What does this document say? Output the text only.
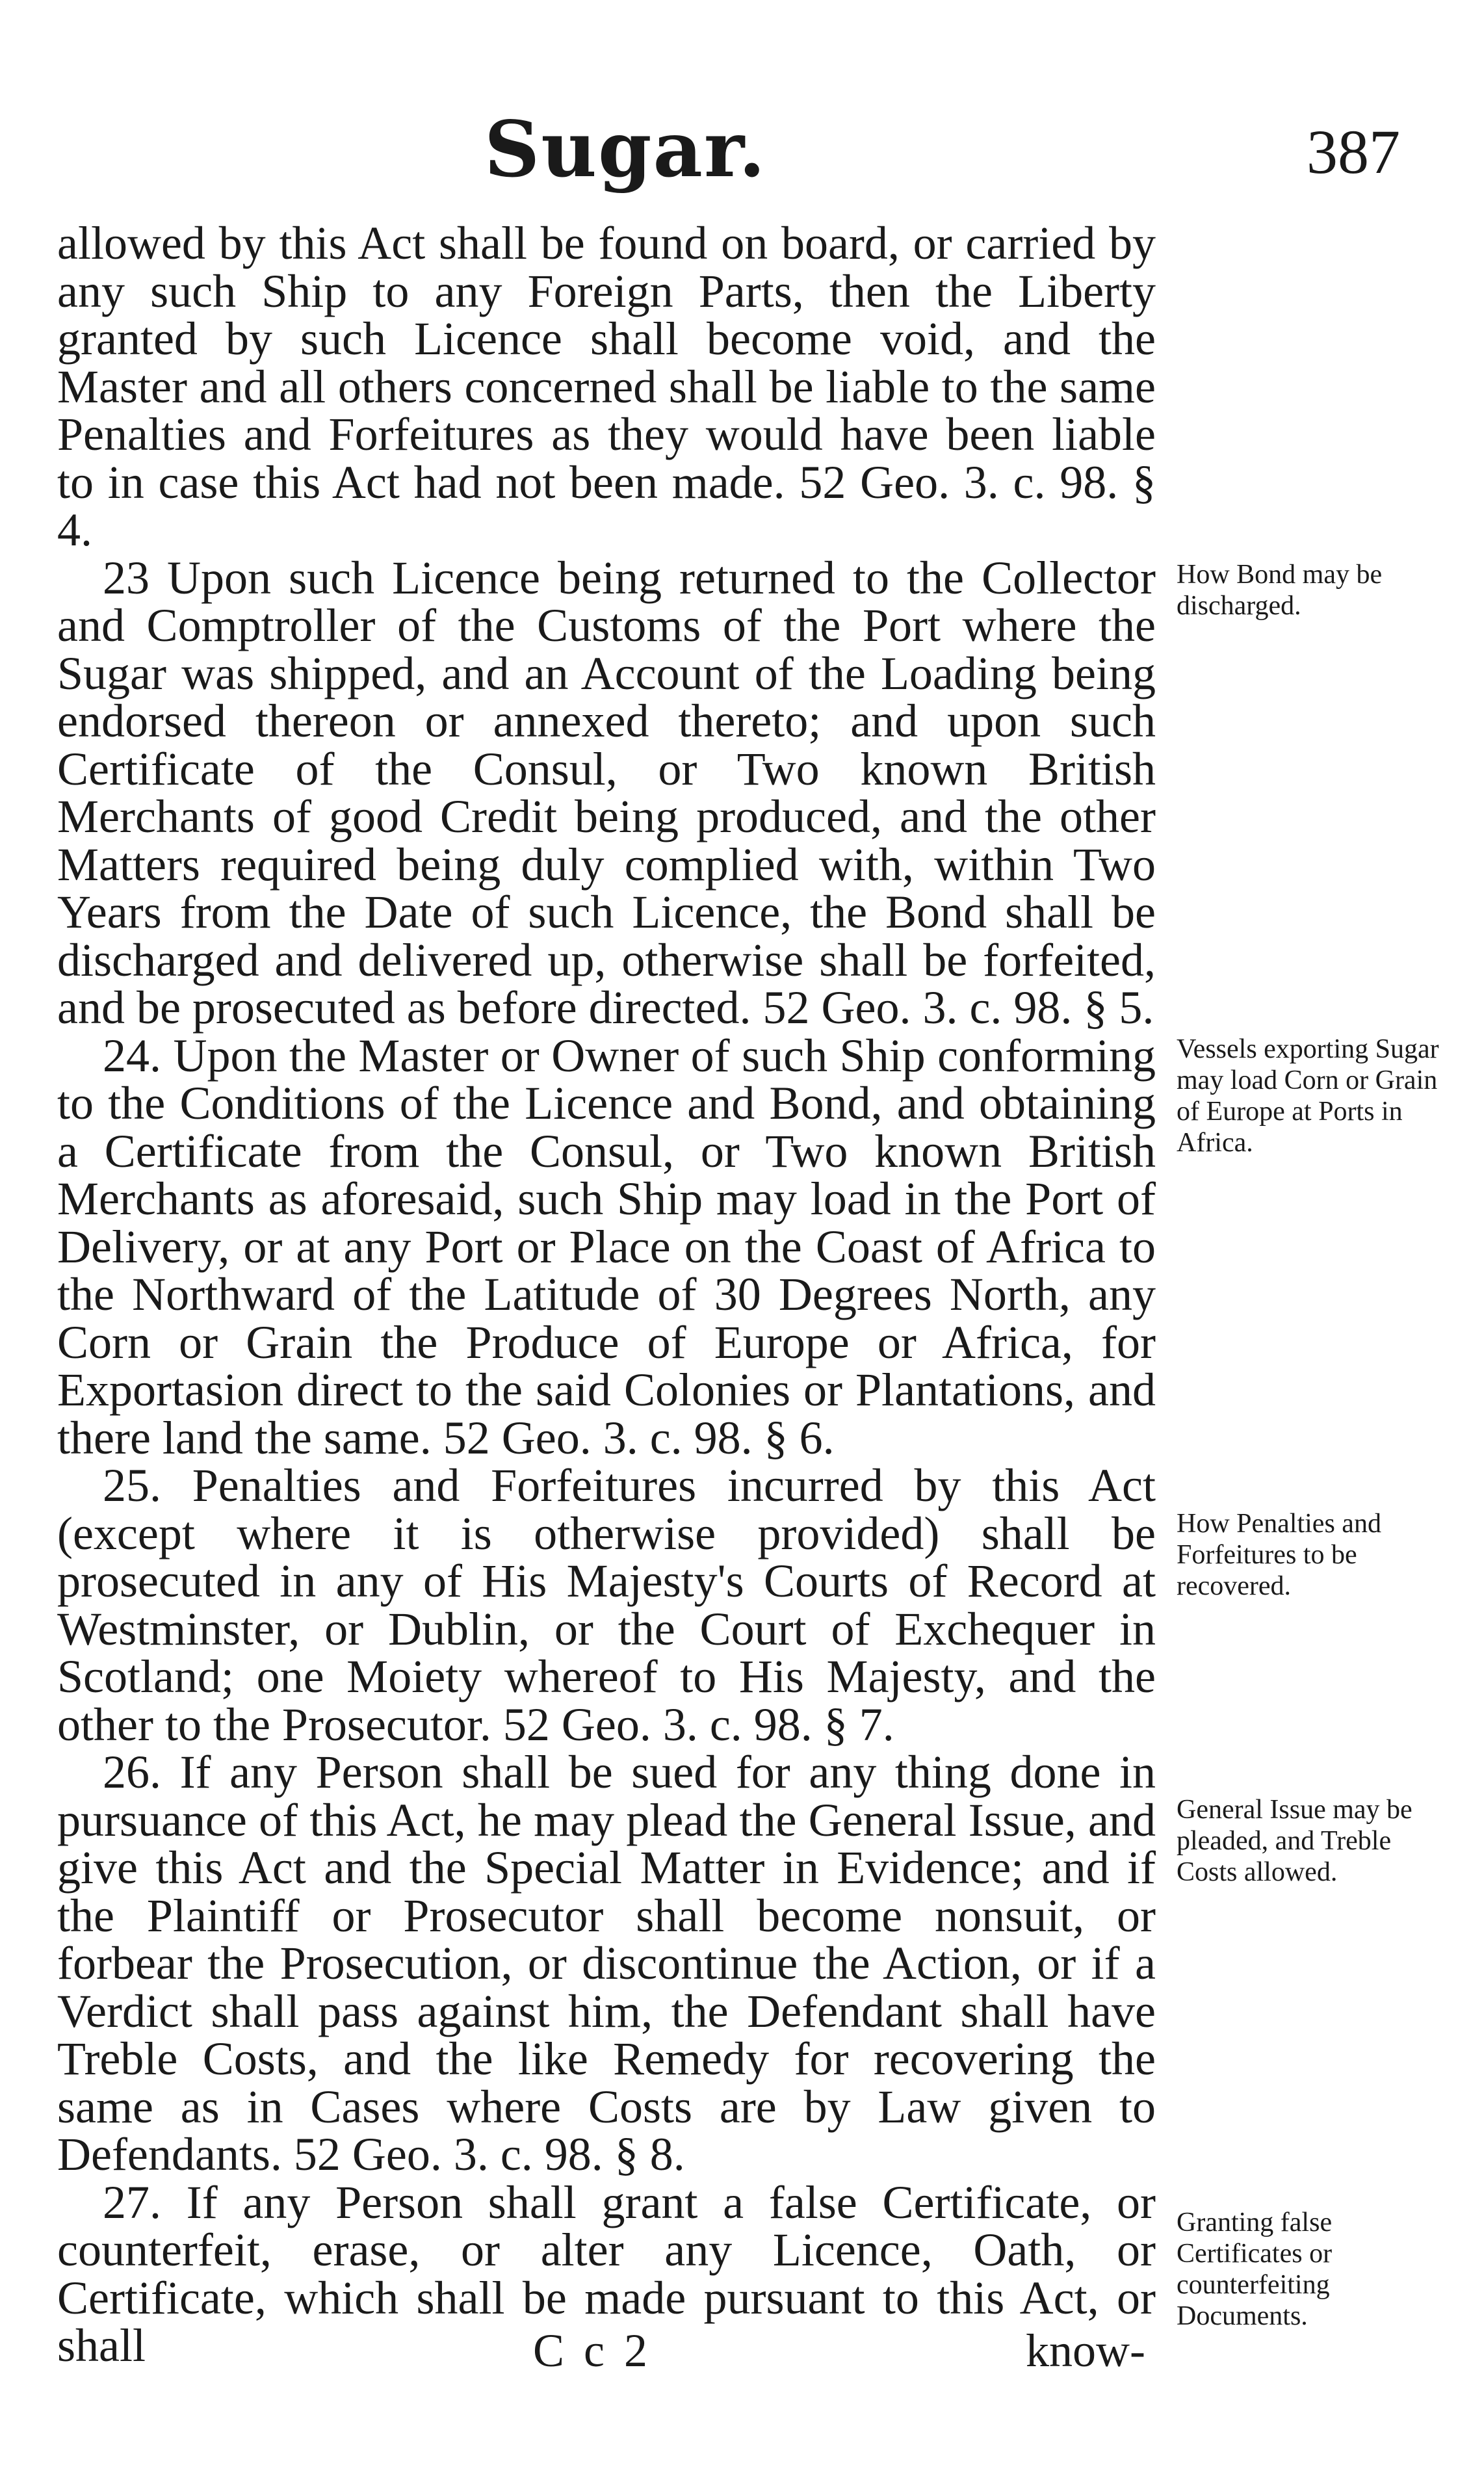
Sugar.	387

allowed by this Act shall be found on board, or carried by any such Ship to any Foreign Parts, then the Liberty granted by such Licence shall become void, and the Master and all others concerned shall be liable to the same Penalties and Forfeitures as they would have been liable to in case this Act had not been made. 52 Geo. 3. c. 98. § 4.

23 Upon such Licence being returned to the Collector and Comptroller of the Customs of the Port where the Sugar was shipped, and an Account of the Loading being endorsed thereon or annexed thereto; and upon such Certificate of the Consul, or Two known British Merchants of good Credit being produced, and the other Matters required being duly complied with, within Two Years from the Date of such Licence, the Bond shall be discharged and delivered up, otherwise shall be forfeited, and be prosecuted as before directed. 52 Geo. 3. c. 98. § 5.

24. Upon the Master or Owner of such Ship conforming to the Conditions of the Licence and Bond, and obtaining a Certificate from the Consul, or Two known British Merchants as aforesaid, such Ship may load in the Port of Delivery, or at any Port or Place on the Coast of Africa to the Northward of the Latitude of 30 Degrees North, any Corn or Grain the Produce of Europe or Africa, for Exportasion direct to the said Colonies or Plantations, and there land the same. 52 Geo. 3. c. 98. § 6.

25. Penalties and Forfeitures incurred by this Act (except where it is otherwise provided) shall be prosecuted in any of His Majesty's Courts of Record at Westminster, or Dublin, or the Court of Exchequer in Scotland; one Moiety whereof to His Majesty, and the other to the Prosecutor. 52 Geo. 3. c. 98. § 7.

26. If any Person shall be sued for any thing done in pursuance of this Act, he may plead the General Issue, and give this Act and the Special Matter in Evidence; and if the Plaintiff or Prosecutor shall become nonsuit, or forbear the Prosecution, or discontinue the Action, or if a Verdict shall pass against him, the Defendant shall have Treble Costs, and the like Remedy for recovering the same as in Cases where Costs are by Law given to Defendants. 52 Geo. 3. c. 98. § 8.

27. If any Person shall grant a false Certificate, or counterfeit, erase, or alter any Licence, Oath, or Certificate, which shall be made pursuant to this Act, or shall

How Bond may be discharged.
Vessels exporting Sugar may load Corn or Grain of Europe at Ports in Africa.
How Penalties and Forfeitures to be recovered.
General Issue may be pleaded, and Treble Costs allowed.
Granting false Certificates or counterfeiting Documents.
C c 2	know-
